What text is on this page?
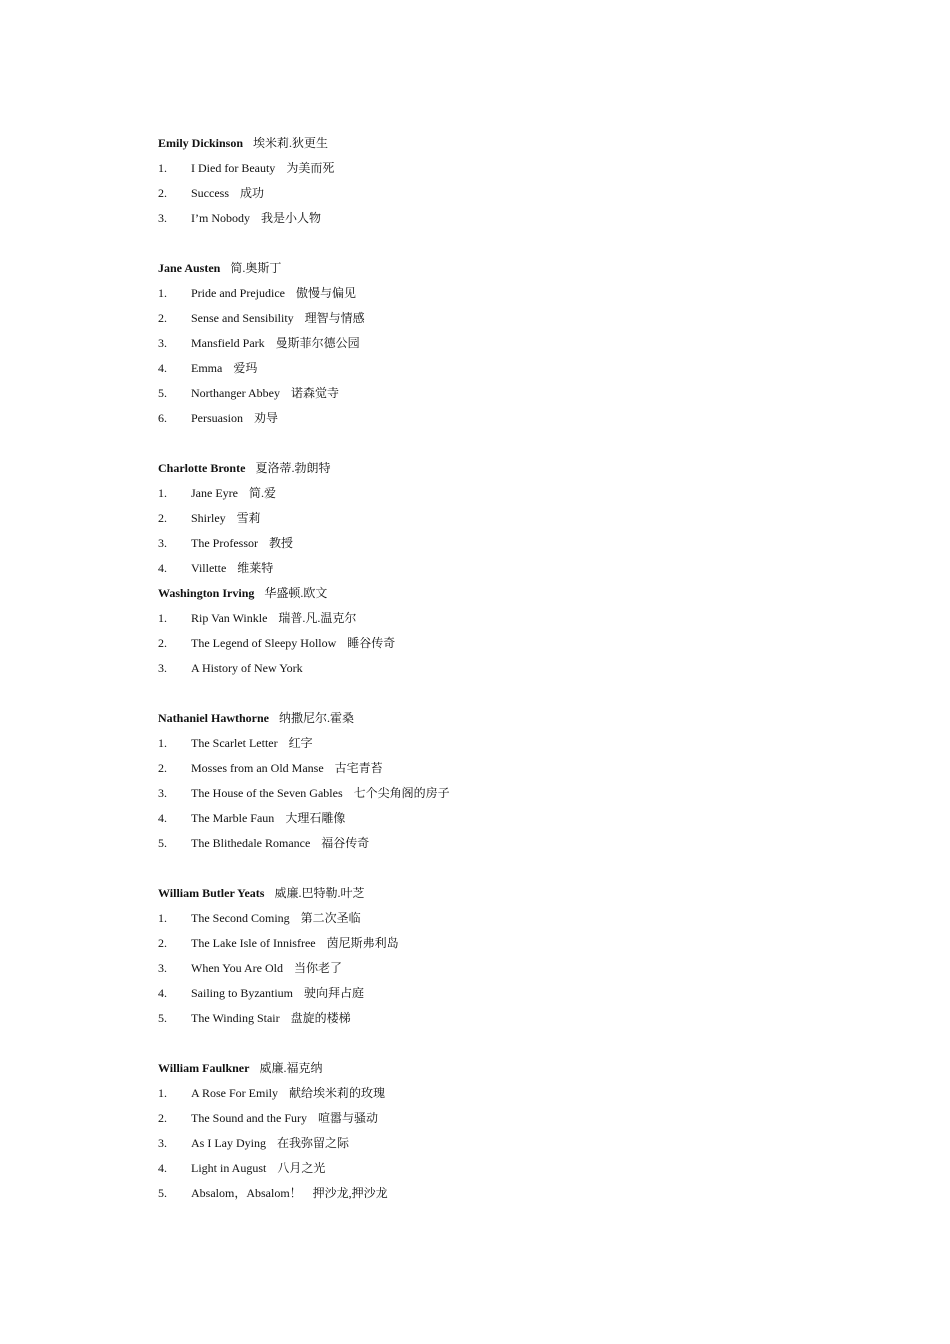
Emily Dickinson 埃米莉.狄更生
1. I Died for Beauty 为美而死
2. Success 成功
3. I’m Nobody 我是小人物
Jane Austen 简.奥斯丁
1. Pride and Prejudice 傲慢与偏见
2. Sense and Sensibility 理智与情感
3. Mansfield Park 曼斯菲尔德公园
4. Emma 爱玛
5. Northanger Abbey 诺森觉寺
6. Persuasion 劝导
Charlotte Bronte 夏洛蒂.勃朗特
1. Jane Eyre 简.爱
2. Shirley 雪莉
3. The Professor 教授
4. Villette 维莱特
Washington Irving 华盛顿.欧文
1. Rip Van Winkle 瑞普.凡.温克尔
2. The Legend of Sleepy Hollow 睡谷传奇
3. A History of New York
Nathaniel Hawthorne 纳撒尼尔.霍桑
1. The Scarlet Letter 红字
2. Mosses from an Old Manse 古宅青苔
3. The House of the Seven Gables 七个尖角阁的房子
4. The Marble Faun 大理石雕像
5. The Blithedale Romance 福谷传奇
William Butler Yeats 威廉.巴特勒.叶芝
1. The Second Coming 第二次圣临
2. The Lake Isle of Innisfree 茵尼斯弗利岛
3. When You Are Old 当你老了
4. Sailing to Byzantium 驶向拜占庭
5. The Winding Stair 盘旋的楼梯
William Faulkner 威廉.福克纳
1. A Rose For Emily 献给埃米莉的玫瑰
2. The Sound and the Fury 喧嚣与骚动
3. As I Lay Dying 在我弥留之际
4. Light in August 八月之光
5. Absalom，Absalom！ 押沙龙,押沙龙
